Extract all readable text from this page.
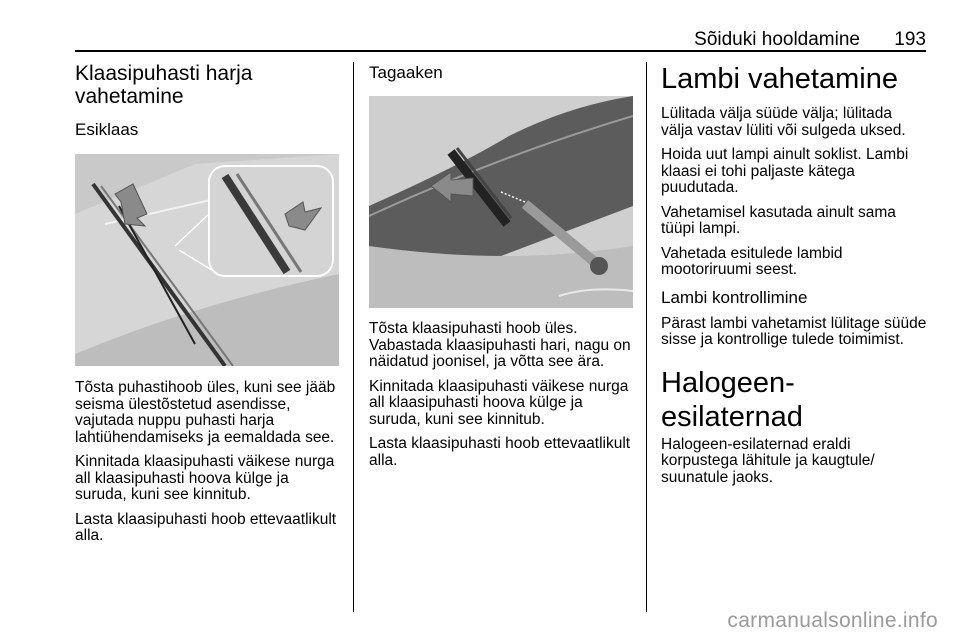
Sõiduki hooldamine 193
Klaasipuhasti harja vahetamine
Esiklaas

Tõsta puhastihoob üles, kuni see jääb seisma ülestõstetud asendisse, vajutada nuppu puhasti harja lahtiühendamiseks ja eemaldada see.

Kinnitada klaasipuhasti väikese nurga all klaasipuhasti hoova külge ja suruda, kuni see kinnitub.

Lasta klaasipuhasti hoob ettevaatlikult alla.

Tagaaken

Tõsta klaasipuhasti hoob üles. Vabastada klaasipuhasti hari, nagu on näidatud joonisel, ja võtta see ära.

Kinnitada klaasipuhasti väikese nurga all klaasipuhasti hoova külge ja suruda, kuni see kinnitub.

Lasta klaasipuhasti hoob ettevaatlikult alla.

Lambi vahetamine

Lülitada välja süüde välja; lülitada välja vastav lüliti või sulgeda uksed.

Hoida uut lampi ainult soklist. Lambi klaasi ei tohi paljaste kätega puudutada.

Vahetamisel kasutada ainult sama tüüpi lampi.

Vahetada esitulede lambid mootoriruumi seest.

Lambi kontrollimine

Pärast lambi vahetamist lülitage süüde sisse ja kontrollige tulede toimimist.

Halogeen-esilaternad

Halogeen-esilaternad eraldi korpustega lähitule ja kaugtule/ suunatule jaoks.

carmanualsonline.info
